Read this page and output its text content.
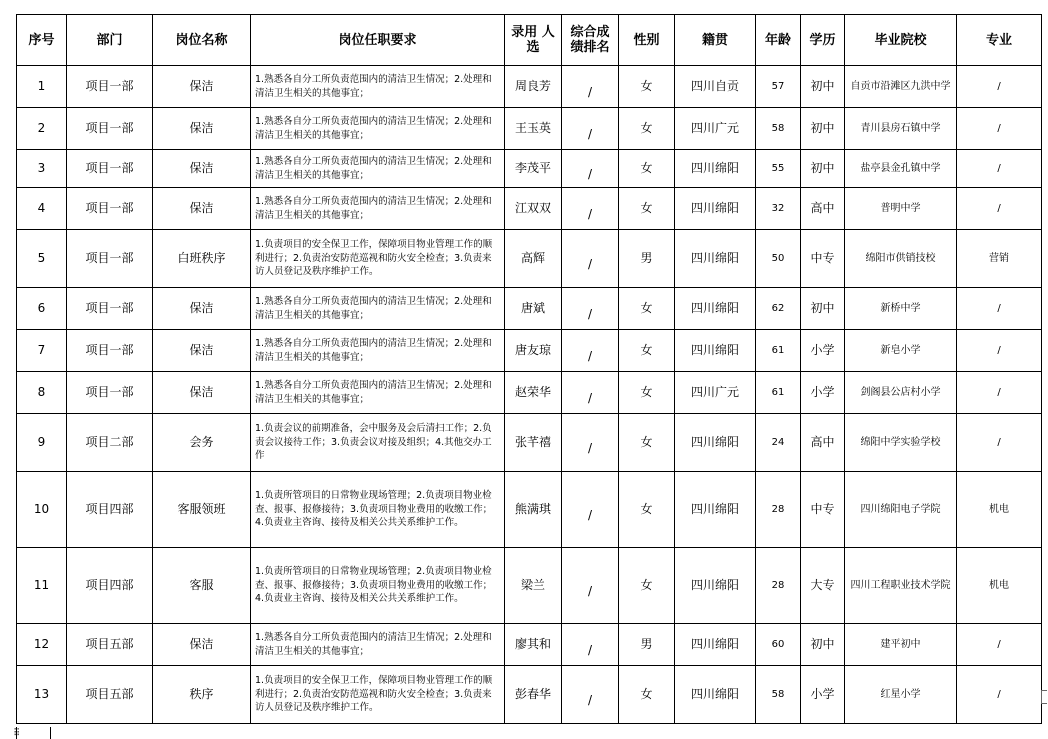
序号	部门	岗位名称	岗位任职要求	录用 人选	综合成绩排名	性别	籍贯	年龄	学历	毕业院校	专业
1	项目一部	保洁	1.熟悉各自分工所负责范围内的清洁卫生情况；2.处理和清洁卫生相关的其他事宜；	周良芳	/	女	四川自贡	57	初中	自贡市沿滩区九洪中学	/
2	项目一部	保洁	1.熟悉各自分工所负责范围内的清洁卫生情况；2.处理和清洁卫生相关的其他事宜；	王玉英	/	女	四川广元	58	初中	青川县房石镇中学	/
3	项目一部	保洁	1.熟悉各自分工所负责范围内的清洁卫生情况；2.处理和清洁卫生相关的其他事宜；	李茂平	/	女	四川绵阳	55	初中	盐亭县金孔镇中学	/
4	项目一部	保洁	1.熟悉各自分工所负责范围内的清洁卫生情况；2.处理和清洁卫生相关的其他事宜；	江双双	/	女	四川绵阳	32	高中	普明中学	/
5	项目一部	白班秩序	1.负责项目的安全保卫工作，保障项目物业管理工作的顺利进行；2.负责治安防范巡视和防火安全检查；3.负责来访人员登记及秩序维护工作。	高辉	/	男	四川绵阳	50	中专	绵阳市供销技校	营销
6	项目一部	保洁	1.熟悉各自分工所负责范围内的清洁卫生情况；2.处理和清洁卫生相关的其他事宜；	唐斌	/	女	四川绵阳	62	初中	新桥中学	/
7	项目一部	保洁	1.熟悉各自分工所负责范围内的清洁卫生情况；2.处理和清洁卫生相关的其他事宜；	唐友琼	/	女	四川绵阳	61	小学	新皂小学	/
8	项目一部	保洁	1.熟悉各自分工所负责范围内的清洁卫生情况；2.处理和清洁卫生相关的其他事宜；	赵荣华	/	女	四川广元	61	小学	剑阁县公店村小学	/
9	项目二部	会务	1.负责会议的前期准备，会中服务及会后清扫工作；2.负责会议接待工作；3.负责会议对接及组织；4.其他交办工作	张芊禧	/	女	四川绵阳	24	高中	绵阳中学实验学校	/
10	项目四部	客服领班	1.负责所管项目的日常物业现场管理；2.负责项目物业检查、报事、报修接待；3.负责项目物业费用的收缴工作；4.负责业主咨询、接待及相关公共关系维护工作。	熊满琪	/	女	四川绵阳	28	中专	四川绵阳电子学院	机电
11	项目四部	客服	1.负责所管项目的日常物业现场管理；2.负责项目物业检查、报事、报修接待；3.负责项目物业费用的收缴工作；4.负责业主咨询、接待及相关公共关系维护工作。	梁兰	/	女	四川绵阳	28	大专	四川工程职业技术学院	机电
12	项目五部	保洁	1.熟悉各自分工所负责范围内的清洁卫生情况；2.处理和清洁卫生相关的其他事宜；	廖其和	/	男	四川绵阳	60	初中	建平初中	/
13	项目五部	秩序	1.负责项目的安全保卫工作，保障项目物业管理工作的顺利进行；2.负责治安防范巡视和防火安全检查；3.负责来访人员登记及秩序维护工作。	彭春华	/	女	四川绵阳	58	小学	红星小学	/
⠿
